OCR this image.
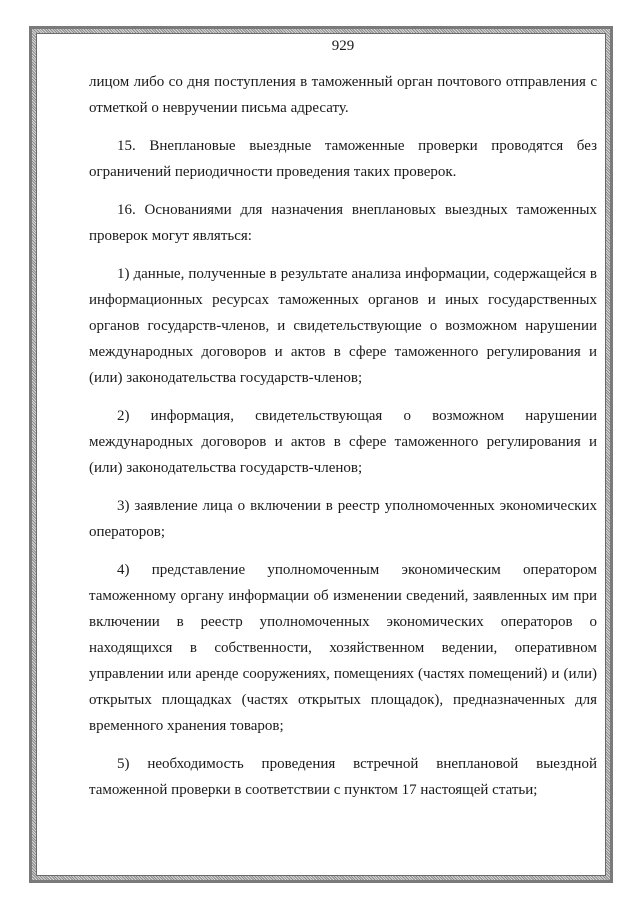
929

лицом либо со дня поступления в таможенный орган почтового отправления с отметкой о невручении письма адресату.

15. Внеплановые выездные таможенные проверки проводятся без ограничений периодичности проведения таких проверок.

16. Основаниями для назначения внеплановых выездных таможенных проверок могут являться:

1) данные, полученные в результате анализа информации, содержащейся в информационных ресурсах таможенных органов и иных государственных органов государств-членов, и свидетельствующие о возможном нарушении международных договоров и актов в сфере таможенного регулирования и (или) законодательства государств-членов;

2) информация, свидетельствующая о возможном нарушении международных договоров и актов в сфере таможенного регулирования и (или) законодательства государств-членов;

3) заявление лица о включении в реестр уполномоченных экономических операторов;

4) представление уполномоченным экономическим оператором таможенному органу информации об изменении сведений, заявленных им при включении в реестр уполномоченных экономических операторов о находящихся в собственности, хозяйственном ведении, оперативном управлении или аренде сооружениях, помещениях (частях помещений) и (или) открытых площадках (частях открытых площадок), предназначенных для временного хранения товаров;

5) необходимость проведения встречной внеплановой выездной таможенной проверки в соответствии с пунктом 17 настоящей статьи;
